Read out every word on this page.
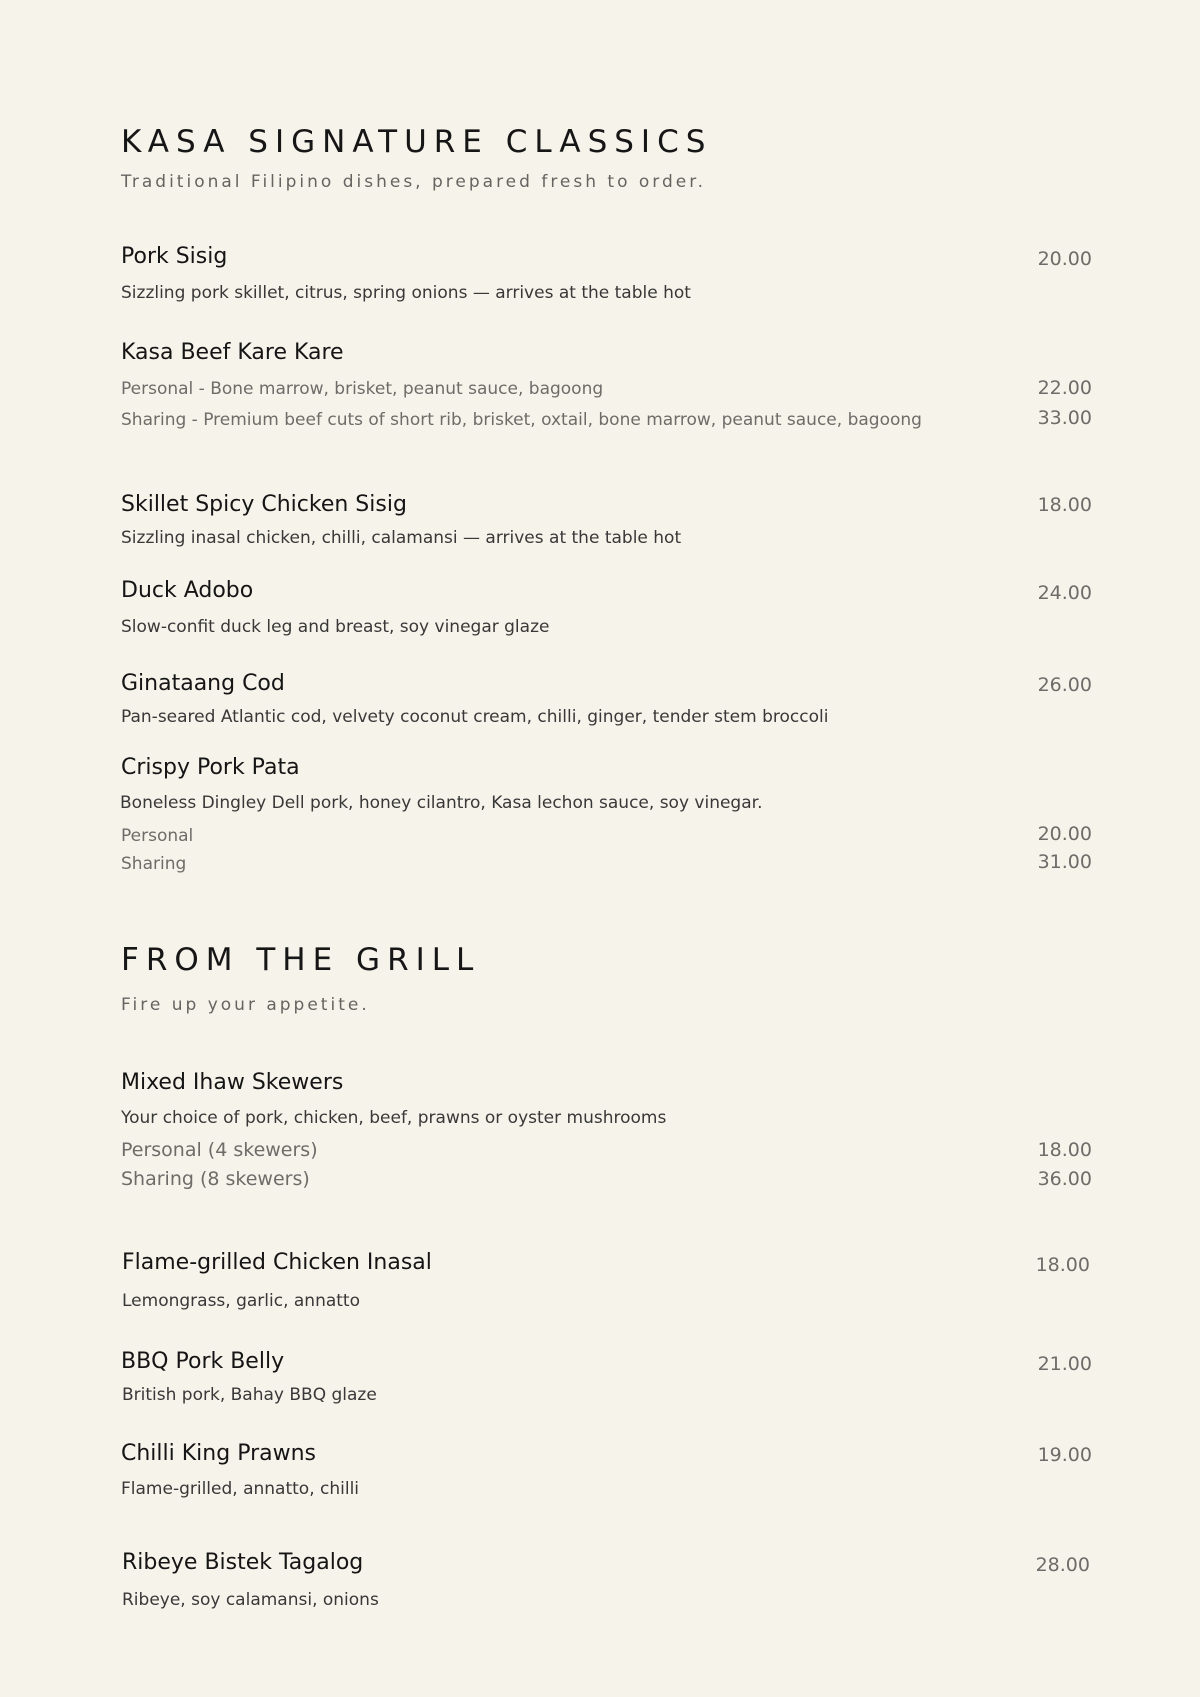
KASA SIGNATURE CLASSICS
Traditional Filipino dishes, prepared fresh to order.
Pork Sisig	20.00
Sizzling pork skillet, citrus, spring onions — arrives at the table hot
Kasa Beef Kare Kare
Personal - Bone marrow, brisket, peanut sauce, bagoong	22.00
Sharing - Premium beef cuts of short rib, brisket, oxtail, bone marrow, peanut sauce, bagoong	33.00
Skillet Spicy Chicken Sisig	18.00
Sizzling inasal chicken, chilli, calamansi — arrives at the table hot
Duck Adobo	24.00
Slow-confit duck leg and breast, soy vinegar glaze
Ginataang Cod	26.00
Pan-seared Atlantic cod, velvety coconut cream, chilli, ginger, tender stem broccoli
Crispy Pork Pata
Boneless Dingley Dell pork, honey cilantro, Kasa lechon sauce, soy vinegar.
Personal	20.00
Sharing	31.00
FROM THE GRILL
Fire up your appetite.
Mixed Ihaw Skewers
Your choice of pork, chicken, beef, prawns or oyster mushrooms
Personal (4 skewers)	18.00
Sharing (8 skewers)	36.00
Flame-grilled Chicken Inasal	18.00
Lemongrass, garlic, annatto
BBQ Pork Belly	21.00
British pork, Bahay BBQ glaze
Chilli King Prawns	19.00
Flame-grilled, annatto, chilli
Ribeye Bistek Tagalog	28.00
Ribeye, soy calamansi, onions
